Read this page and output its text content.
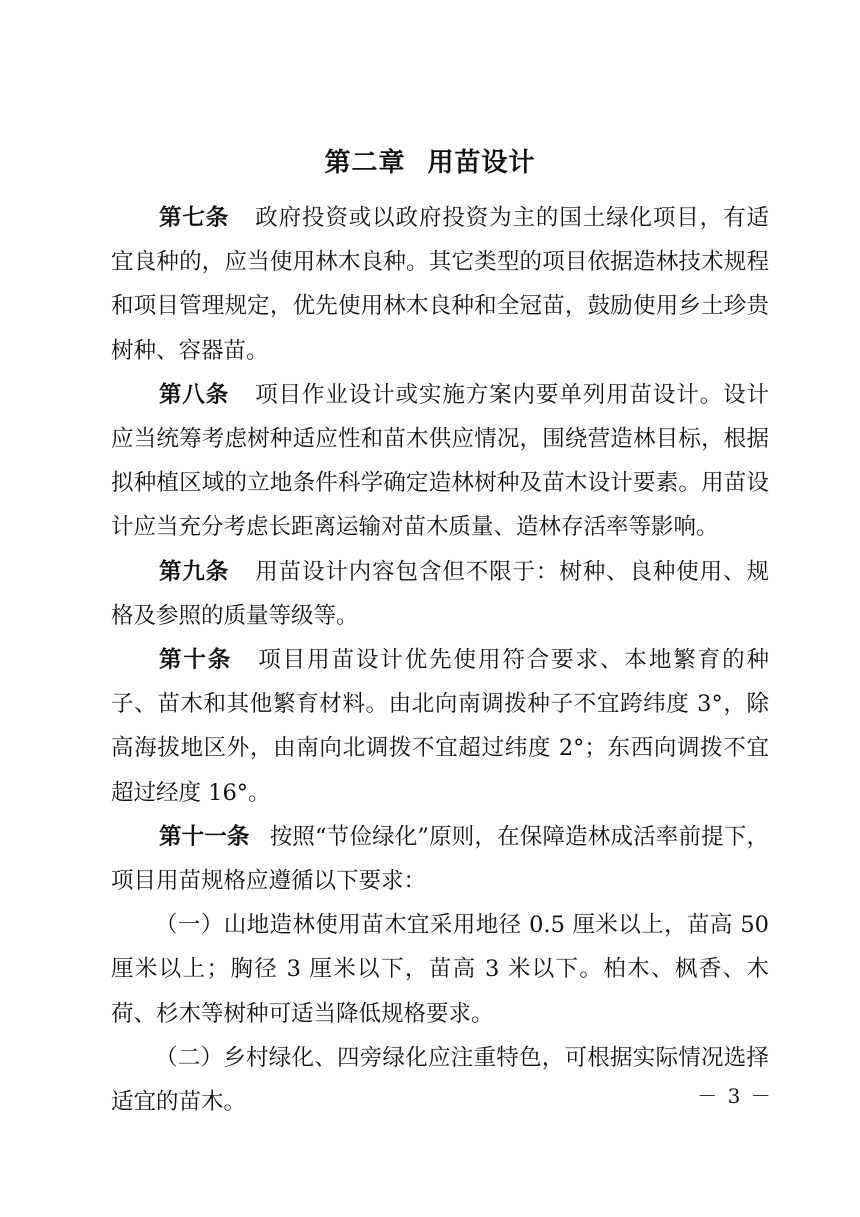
第二章 用苗设计

第七条 政府投资或以政府投资为主的国土绿化项目，有适宜良种的，应当使用林木良种。其它类型的项目依据造林技术规程和项目管理规定，优先使用林木良种和全冠苗，鼓励使用乡土珍贵树种、容器苗。

第八条 项目作业设计或实施方案内要单列用苗设计。设计应当统筹考虑树种适应性和苗木供应情况，围绕营造林目标，根据拟种植区域的立地条件科学确定造林树种及苗木设计要素。用苗设计应当充分考虑长距离运输对苗木质量、造林存活率等影响。

第九条 用苗设计内容包含但不限于：树种、良种使用、规格及参照的质量等级等。

第十条 项目用苗设计优先使用符合要求、本地繁育的种子、苗木和其他繁育材料。由北向南调拨种子不宜跨纬度 3°，除高海拔地区外，由南向北调拨不宜超过纬度 2°；东西向调拨不宜超过经度 16°。

第十一条 按照“节俭绿化”原则，在保障造林成活率前提下，项目用苗规格应遵循以下要求：

（一）山地造林使用苗木宜采用地径 0.5 厘米以上，苗高 50 厘米以上；胸径 3 厘米以下，苗高 3 米以下。柏木、枫香、木荷、杉木等树种可适当降低规格要求。

（二）乡村绿化、四旁绿化应注重特色，可根据实际情况选择适宜的苗木。	－ 3 －
